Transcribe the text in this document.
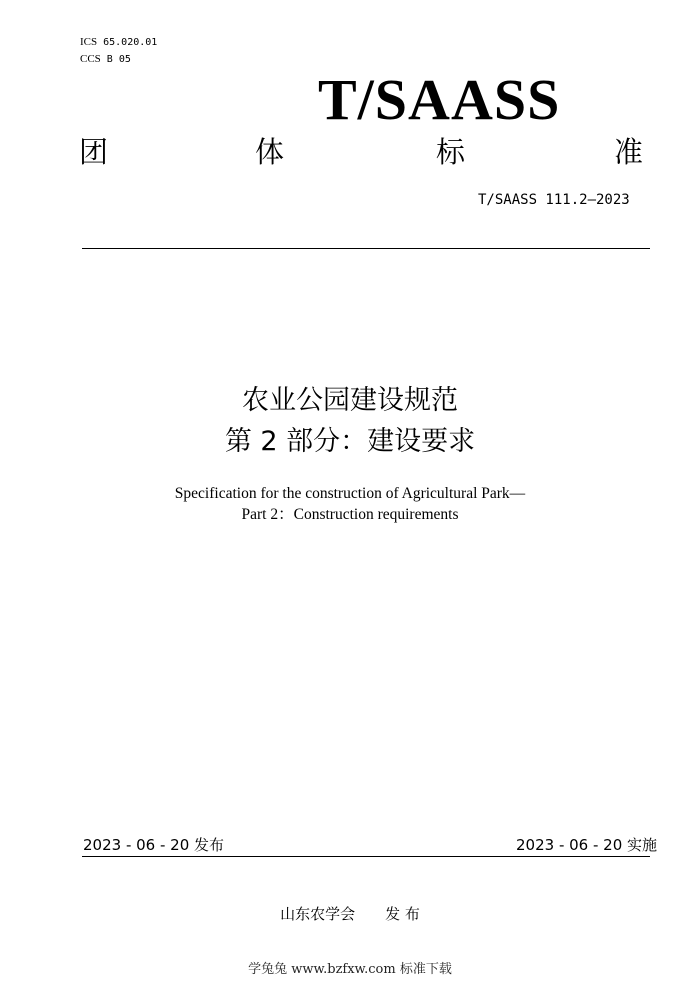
ICS 65.020.01
CCS B 05
T/SAASS
团	体	标	准
T/SAASS 111.2—2023
农业公园建设规范
第 2 部分：建设要求
Specification for the construction of Agricultural Park—
Part 2：Construction requirements
2023 - 06 - 20 发布	2023 - 06 - 20 实施
山东农学会　　发 布
学兔兔 www.bzfxw.com 标准下载
